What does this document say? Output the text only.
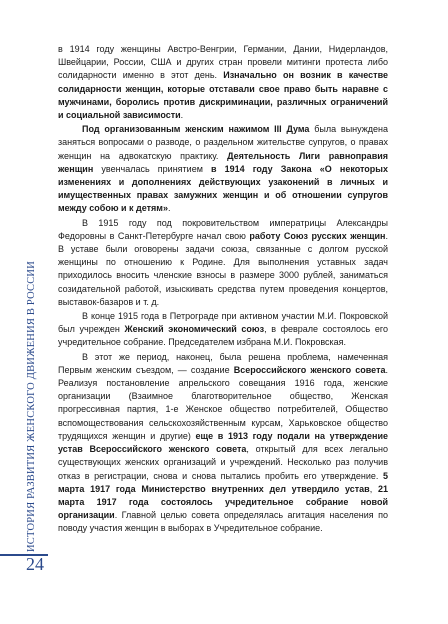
ИСТОРИЯ РАЗВИТИЯ ЖЕНСКОГО ДВИЖЕНИЯ В РОССИИ
24

в 1914 году женщины Австро-Венгрии, Германии, Дании, Нидерландов, Швейцарии, России, США и других стран провели митинги протеста либо солидарности именно в этот день. Изначально он возник в качестве солидарности женщин, которые отставали свое право быть наравне с мужчинами, боролись против дискриминации, различных ограничений и социальной зависимости.

Под организованным женским нажимом III Дума была вынуждена заняться вопросами о разводе, о раздельном жительстве супругов, о правах женщин на адвокатскую практику. Деятельность Лиги равноправия женщин увенчалась принятием в 1914 году Закона «О некоторых изменениях и дополнениях действующих узаконений в личных и имущественных правах замужних женщин и об отношении супругов между собою и к детям».

В 1915 году под покровительством императрицы Александры Федоровны в Санкт-Петербурге начал свою работу Союз русских женщин. В уставе были оговорены задачи союза, связанные с долгом русской женщины по отношению к Родине. Для выполнения уставных задач приходилось вносить членские взносы в размере 3000 рублей, заниматься созидательной работой, изыскивать средства путем проведения концертов, выставок-базаров и т. д.

В конце 1915 года в Петрограде при активном участии М.И. Покровской был учрежден Женский экономический союз, в феврале состоялось его учредительное собрание. Председателем избрана М.И. Покровская.

В этот же период, наконец, была решена проблема, намеченная Первым женским съездом, — создание Всероссийского женского совета. Реализуя постановление апрельского совещания 1916 года, женские организации (Взаимное благотворительное общество, Женская прогрессивная партия, 1-е Женское общество потребителей, Общество вспомоществования сельскохозяйственным курсам, Харьковское общество трудящихся женщин и другие) еще в 1913 году подали на утверждение устав Всероссийского женского совета, открытый для всех легально существующих женских организаций и учреждений. Несколько раз получив отказ в регистрации, снова и снова пытались пробить его утверждение. 5 марта 1917 года Министерство внутренних дел утвердило устав, 21 марта 1917 года состоялось учредительное собрание новой организации. Главной целью совета определялась агитация населения по поводу участия женщин в выборах в Учредительное собрание.
